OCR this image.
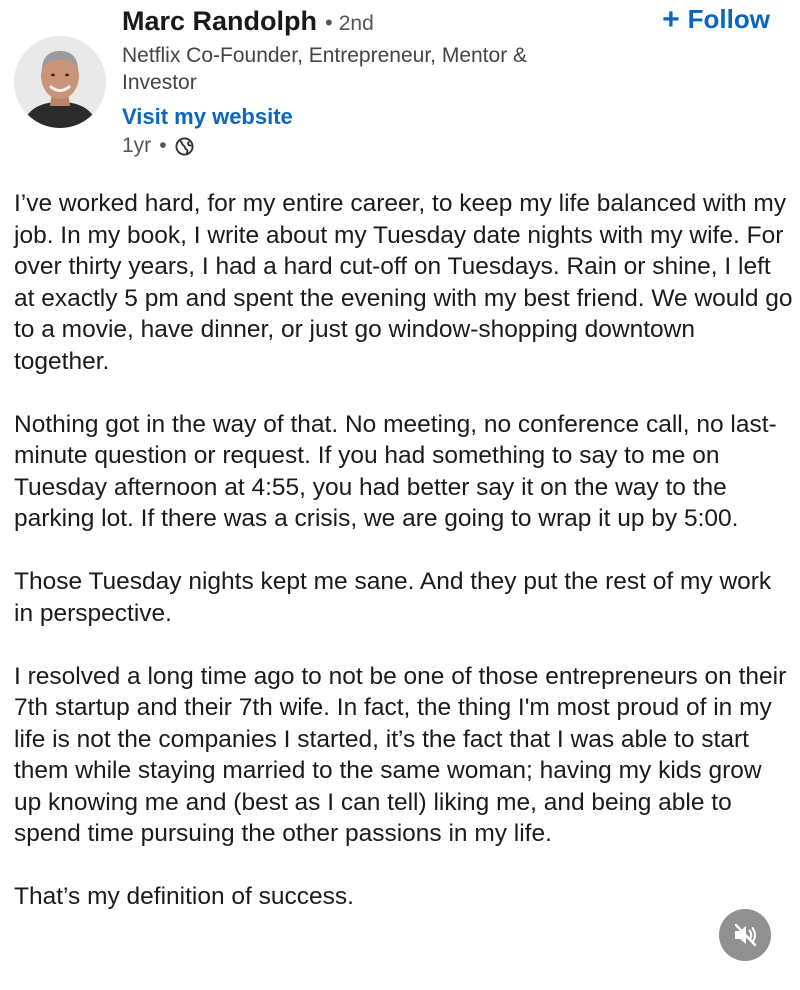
Marc Randolph • 2nd	+ Follow
Netflix Co-Founder, Entrepreneur, Mentor & Investor
Visit my website
1yr •

I’ve worked hard, for my entire career, to keep my life balanced with my job. In my book, I write about my Tuesday date nights with my wife. For over thirty years, I had a hard cut-off on Tuesdays. Rain or shine, I left at exactly 5 pm and spent the evening with my best friend. We would go to a movie, have dinner, or just go window-shopping downtown together.

Nothing got in the way of that. No meeting, no conference call, no last-minute question or request. If you had something to say to me on Tuesday afternoon at 4:55, you had better say it on the way to the parking lot. If there was a crisis, we are going to wrap it up by 5:00.

Those Tuesday nights kept me sane. And they put the rest of my work in perspective.

I resolved a long time ago to not be one of those entrepreneurs on their 7th startup and their 7th wife. In fact, the thing I'm most proud of in my life is not the companies I started, it’s the fact that I was able to start them while staying married to the same woman; having my kids grow up knowing me and (best as I can tell) liking me, and being able to spend time pursuing the other passions in my life.

That’s my definition of success.
